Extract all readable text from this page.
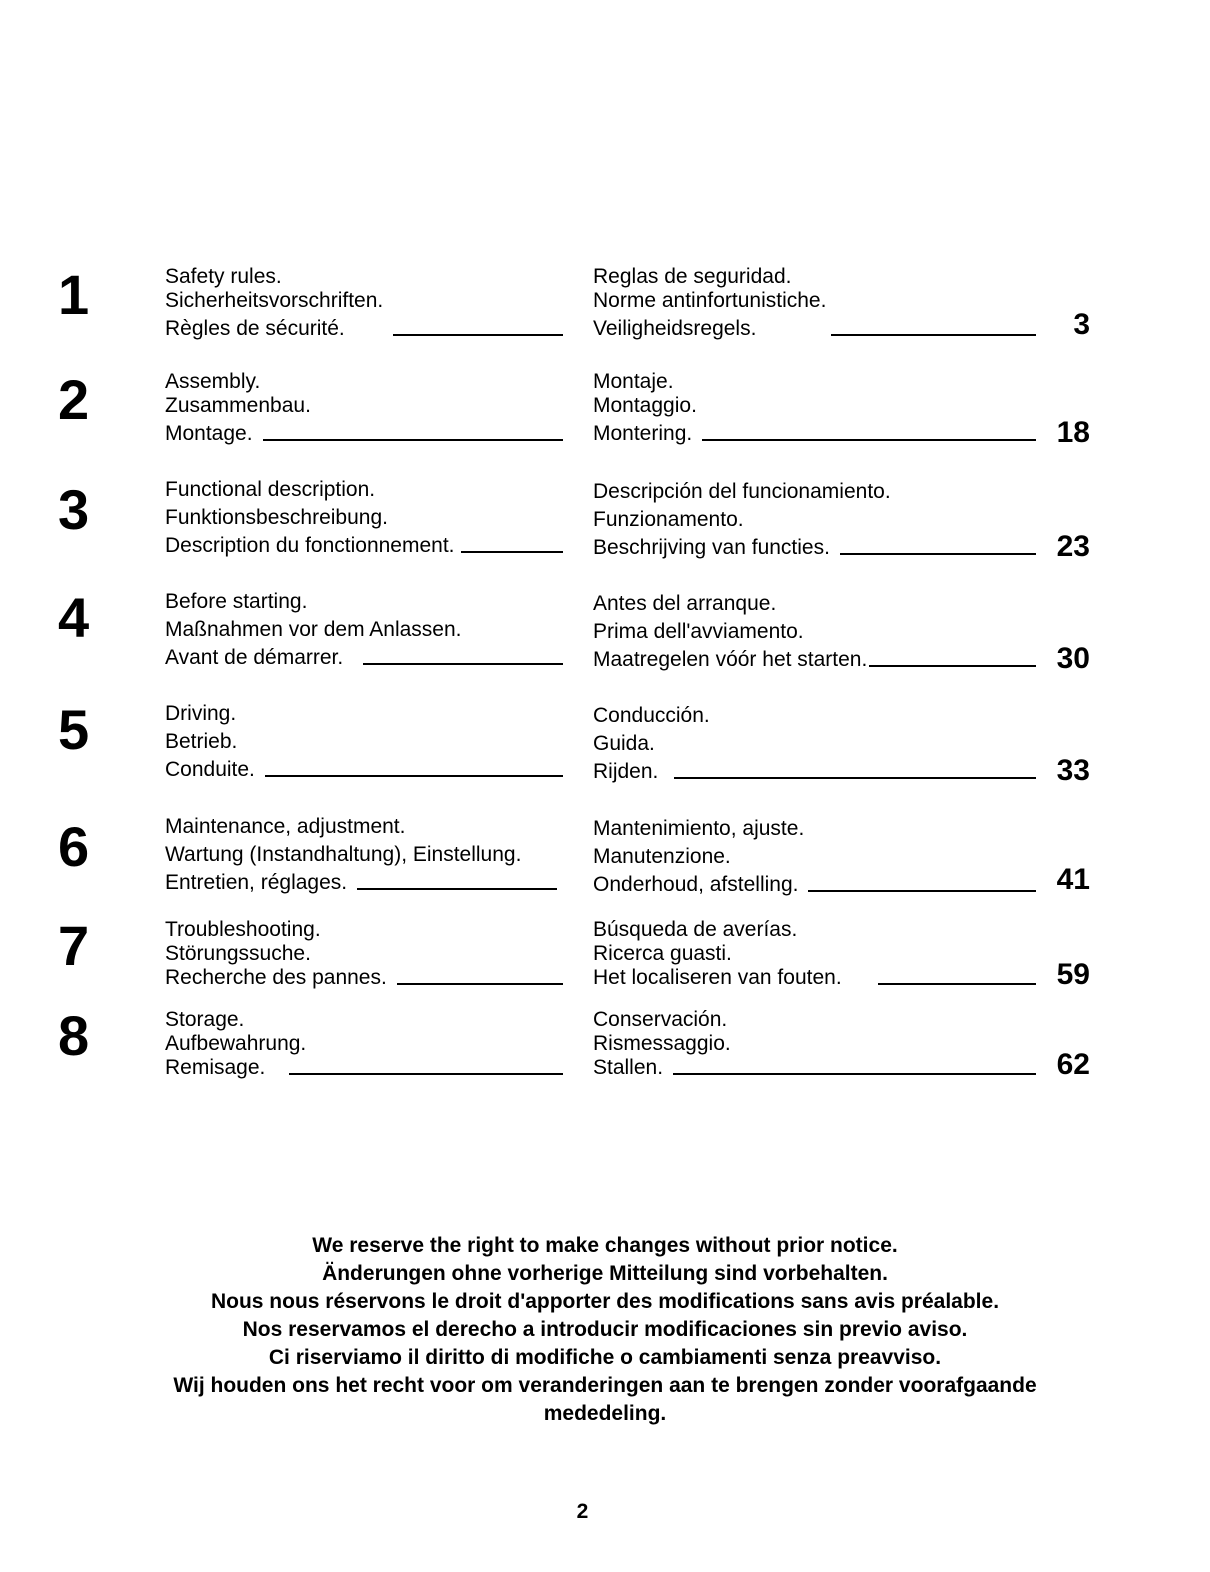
1	Safety rules.
Sicherheitsvorschriften.
Règles de sécurité.
Reglas de seguridad.
Norme antinfortunistiche.
Veiligheidsregels.	3
2	Assembly.
Zusammenbau.
Montage.
Montaje.
Montaggio.
Montering.	18
3	Functional description.
Funktionsbeschreibung.
Description du fonctionnement.
Descripción del funcionamiento.
Funzionamento.
Beschrijving van functies.	23
4	Before starting.
Maßnahmen vor dem Anlassen.
Avant de démarrer.
Antes del arranque.
Prima dell'avviamento.
Maatregelen vóór het starten.	30
5	Driving.
Betrieb.
Conduite.
Conducción.
Guida.
Rijden.	33
6	Maintenance, adjustment.
Wartung (Instandhaltung), Einstellung.
Entretien, réglages.
Mantenimiento, ajuste.
Manutenzione.
Onderhoud, afstelling.	41
7	Troubleshooting.
Störungssuche.
Recherche des pannes.
Búsqueda de averías.
Ricerca guasti.
Het localiseren van fouten.	59
8	Storage.
Aufbewahrung.
Remisage.
Conservación.
Rismessaggio.
Stallen.	62
We reserve the right to make changes without prior notice.
Änderungen ohne vorherige Mitteilung sind vorbehalten.
Nous nous réservons le droit d'apporter des modifications sans avis préalable.
Nos reservamos el derecho a introducir modificaciones sin previo aviso.
Ci riserviamo il diritto di modifiche o cambiamenti senza preavviso.
Wij houden ons het recht voor om veranderingen aan te brengen zonder voorafgaande
mededeling.
2
